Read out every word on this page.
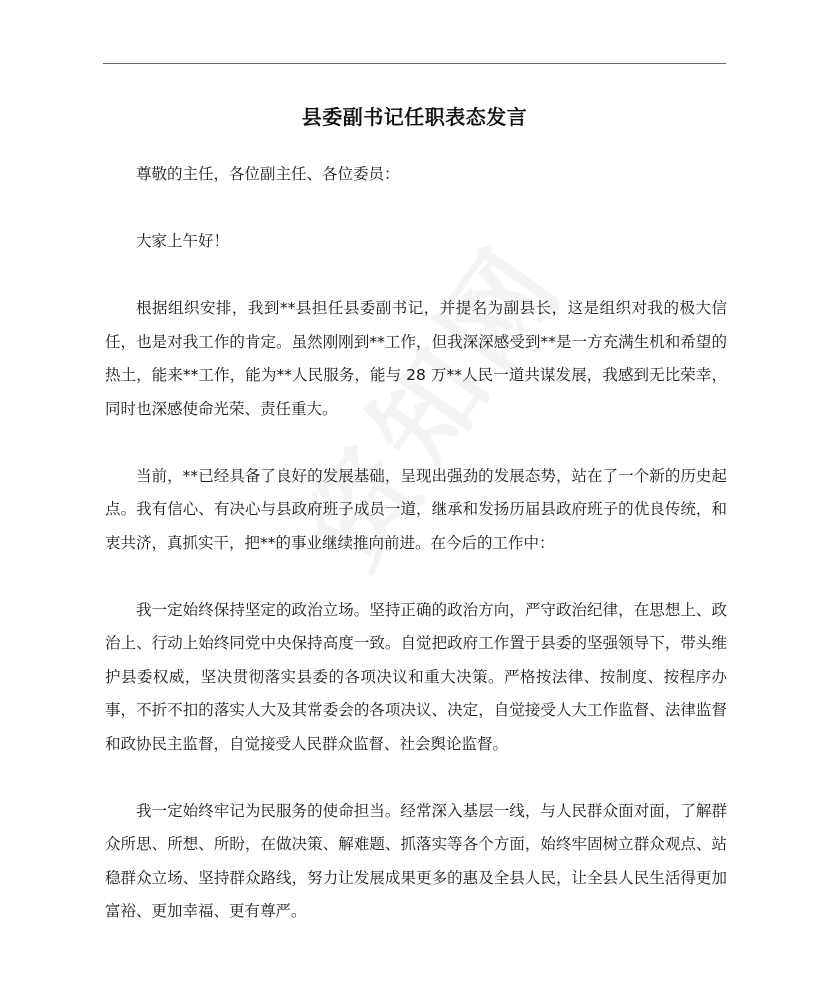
县委副书记任职表态发言

尊敬的主任，各位副主任、各位委员：

大家上午好！

根据组织安排，我到**县担任县委副书记，并提名为副县长，这是组织对我的极大信任，也是对我工作的肯定。虽然刚刚到**工作，但我深深感受到**是一方充满生机和希望的热土，能来**工作，能为**人民服务，能与 28 万**人民一道共谋发展，我感到无比荣幸，同时也深感使命光荣、责任重大。

当前，**已经具备了良好的发展基础，呈现出强劲的发展态势，站在了一个新的历史起点。我有信心、有决心与县政府班子成员一道，继承和发扬历届县政府班子的优良传统，和衷共济，真抓实干，把**的事业继续推向前进。在今后的工作中：

我一定始终保持坚定的政治立场。坚持正确的政治方向，严守政治纪律，在思想上、政治上、行动上始终同党中央保持高度一致。自觉把政府工作置于县委的坚强领导下，带头维护县委权威，坚决贯彻落实县委的各项决议和重大决策。严格按法律、按制度、按程序办事，不折不扣的落实人大及其常委会的各项决议、决定，自觉接受人大工作监督、法律监督和政协民主监督，自觉接受人民群众监督、社会舆论监督。

我一定始终牢记为民服务的使命担当。经常深入基层一线，与人民群众面对面，了解群众所思、所想、所盼，在做决策、解难题、抓落实等各个方面，始终牢固树立群众观点、站稳群众立场、坚持群众路线，努力让发展成果更多的惠及全县人民，让全县人民生活得更加富裕、更加幸福、更有尊严。
